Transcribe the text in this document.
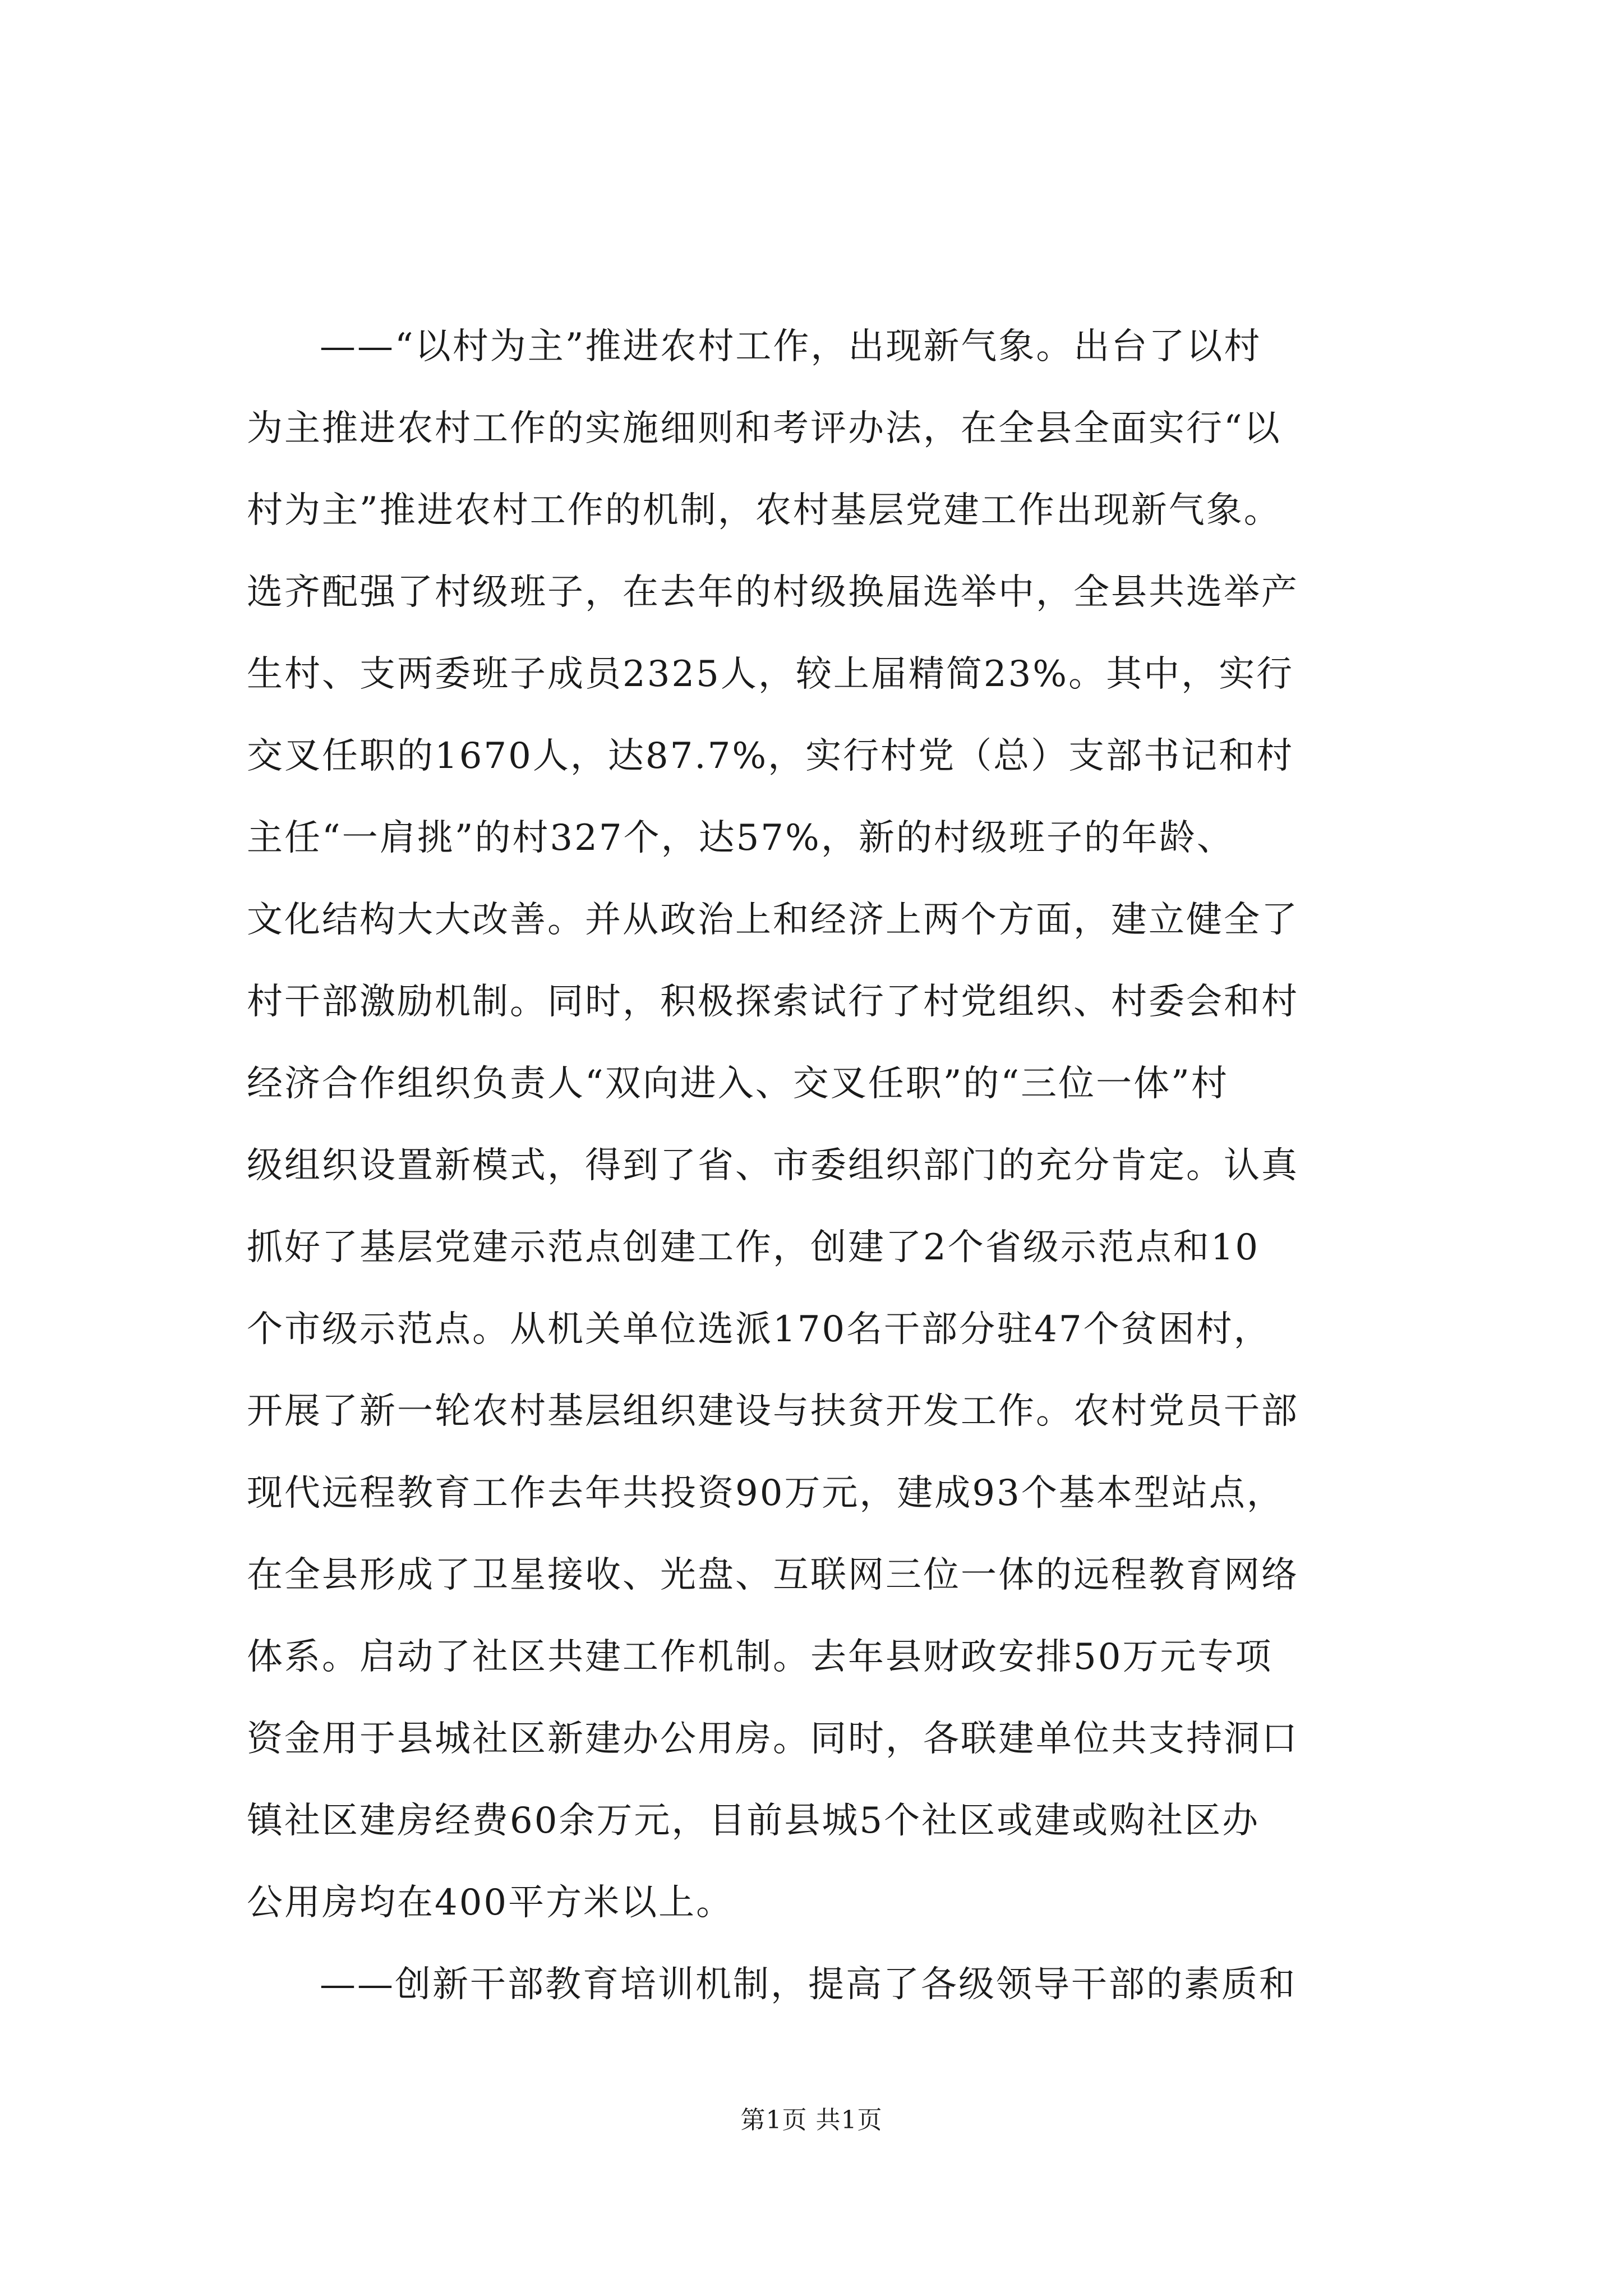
——“以村为主”推进农村工作，出现新气象。出台了以村
为主推进农村工作的实施细则和考评办法，在全县全面实行“以
村为主”推进农村工作的机制，农村基层党建工作出现新气象。
选齐配强了村级班子，在去年的村级换届选举中，全县共选举产
生村、支两委班子成员2325人，较上届精简23%。其中，实行
交叉任职的1670人，达87.7%，实行村党（总）支部书记和村
主任“一肩挑”的村327个，达57%，新的村级班子的年龄、
文化结构大大改善。并从政治上和经济上两个方面，建立健全了
村干部激励机制。同时，积极探索试行了村党组织、村委会和村
经济合作组织负责人“双向进入、交叉任职”的“三位一体”村
级组织设置新模式，得到了省、市委组织部门的充分肯定。认真
抓好了基层党建示范点创建工作，创建了2个省级示范点和10
个市级示范点。从机关单位选派170名干部分驻47个贫困村，
开展了新一轮农村基层组织建设与扶贫开发工作。农村党员干部
现代远程教育工作去年共投资90万元，建成93个基本型站点，
在全县形成了卫星接收、光盘、互联网三位一体的远程教育网络
体系。启动了社区共建工作机制。去年县财政安排50万元专项
资金用于县城社区新建办公用房。同时，各联建单位共支持洞口
镇社区建房经费60余万元，目前县城5个社区或建或购社区办
公用房均在400平方米以上。
——创新干部教育培训机制，提高了各级领导干部的素质和
第1页 共1页
